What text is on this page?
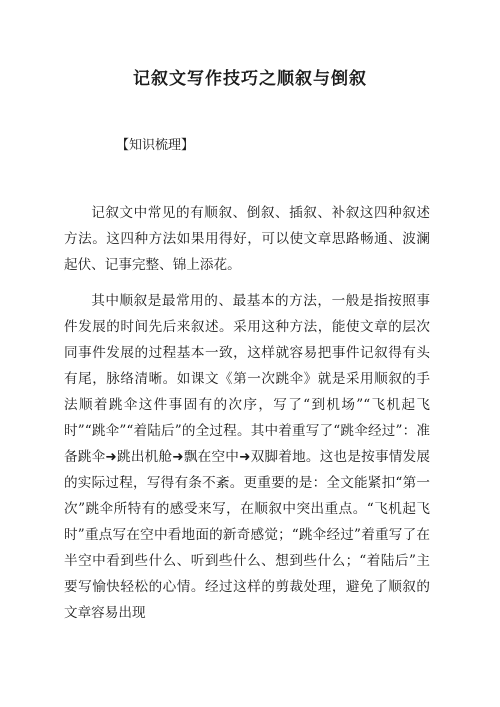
记叙文写作技巧之顺叙与倒叙
【知识梳理】

记叙文中常见的有顺叙、倒叙、插叙、补叙这四种叙述方法。这四种方法如果用得好，可以使文章思路畅通、波澜起伏、记事完整、锦上添花。

其中顺叙是最常用的、最基本的方法，一般是指按照事件发展的时间先后来叙述。采用这种方法，能使文章的层次同事件发展的过程基本一致，这样就容易把事件记叙得有头有尾，脉络清晰。如课文《第一次跳伞》就是采用顺叙的手法顺着跳伞这件事固有的次序，写了“到机场”“飞机起飞时”“跳伞”“着陆后”的全过程。其中着重写了“跳伞经过”：准备跳伞➜跳出机舱➜飘在空中➜双脚着地。这也是按事情发展的实际过程，写得有条不紊。更重要的是：全文能紧扣“第一次”跳伞所特有的感受来写，在顺叙中突出重点。“飞机起飞时”重点写在空中看地面的新奇感觉；“跳伞经过”着重写了在半空中看到些什么、听到些什么、想到些什么；“着陆后”主要写愉快轻松的心情。经过这样的剪裁处理，避免了顺叙的文章容易出现
